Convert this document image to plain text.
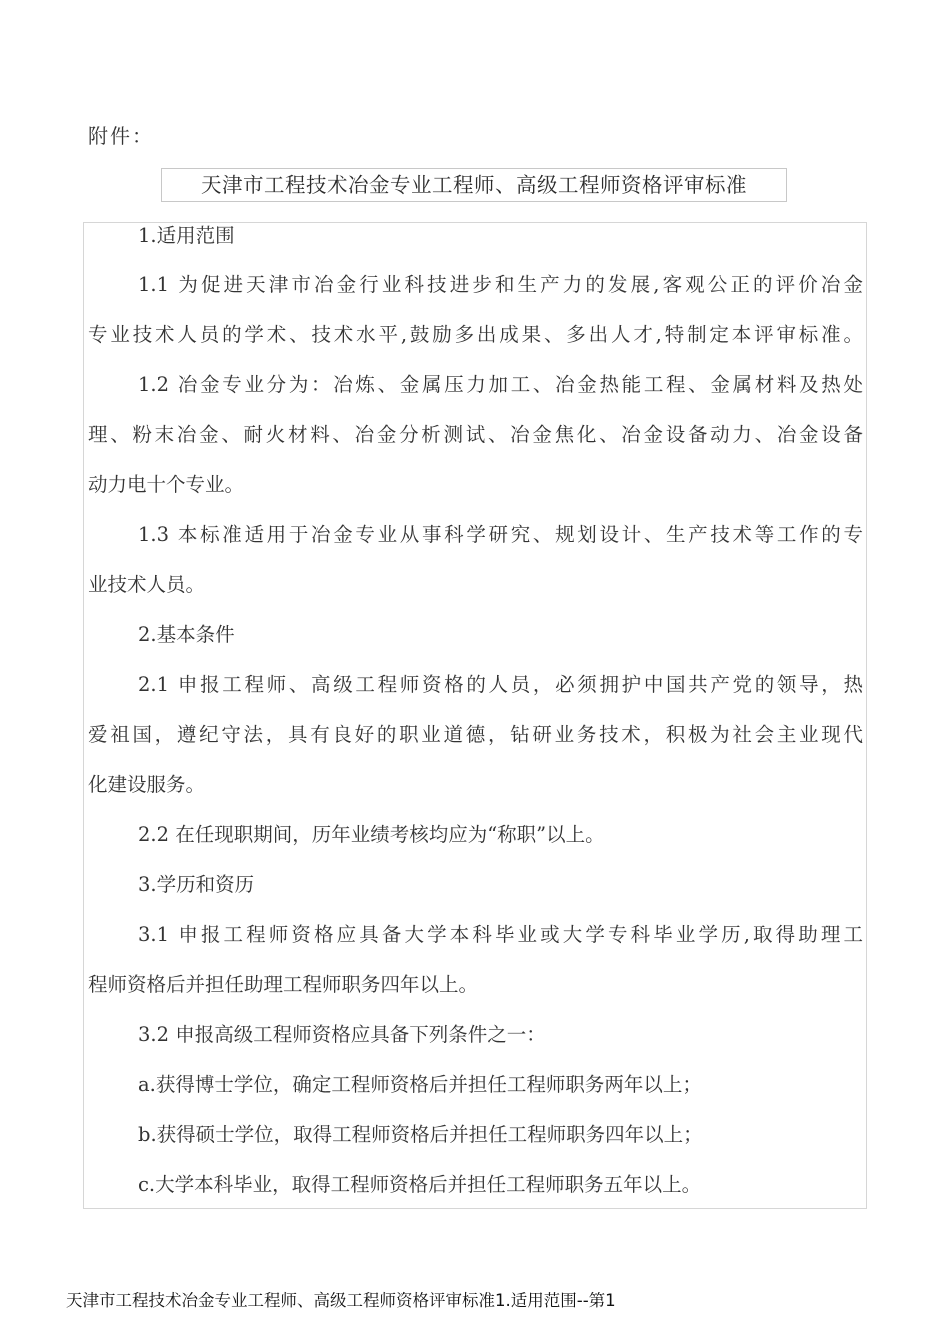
附件：
天津市工程技术冶金专业工程师、高级工程师资格评审标准
1.适用范围
1.1 为促进天津市冶金行业科技进步和生产力的发展,客观公正的评价冶金
专业技术人员的学术、技术水平,鼓励多出成果、多出人才,特制定本评审标准。
1.2 冶金专业分为：冶炼、金属压力加工、冶金热能工程、金属材料及热处
理、粉末冶金、耐火材料、冶金分析测试、冶金焦化、冶金设备动力、冶金设备
动力电十个专业。
1.3 本标准适用于冶金专业从事科学研究、规划设计、生产技术等工作的专
业技术人员。
2.基本条件
2.1 申报工程师、高级工程师资格的人员，必须拥护中国共产党的领导，热
爱祖国，遵纪守法，具有良好的职业道德，钻研业务技术，积极为社会主业现代
化建设服务。
2.2 在任现职期间，历年业绩考核均应为“称职”以上。
3.学历和资历
3.1 申报工程师资格应具备大学本科毕业或大学专科毕业学历,取得助理工
程师资格后并担任助理工程师职务四年以上。
3.2 申报高级工程师资格应具备下列条件之一：
a.获得博士学位，确定工程师资格后并担任工程师职务两年以上；
b.获得硕士学位，取得工程师资格后并担任工程师职务四年以上；
c.大学本科毕业，取得工程师资格后并担任工程师职务五年以上。
天津市工程技术冶金专业工程师、高级工程师资格评审标准1.适用范围--第1
